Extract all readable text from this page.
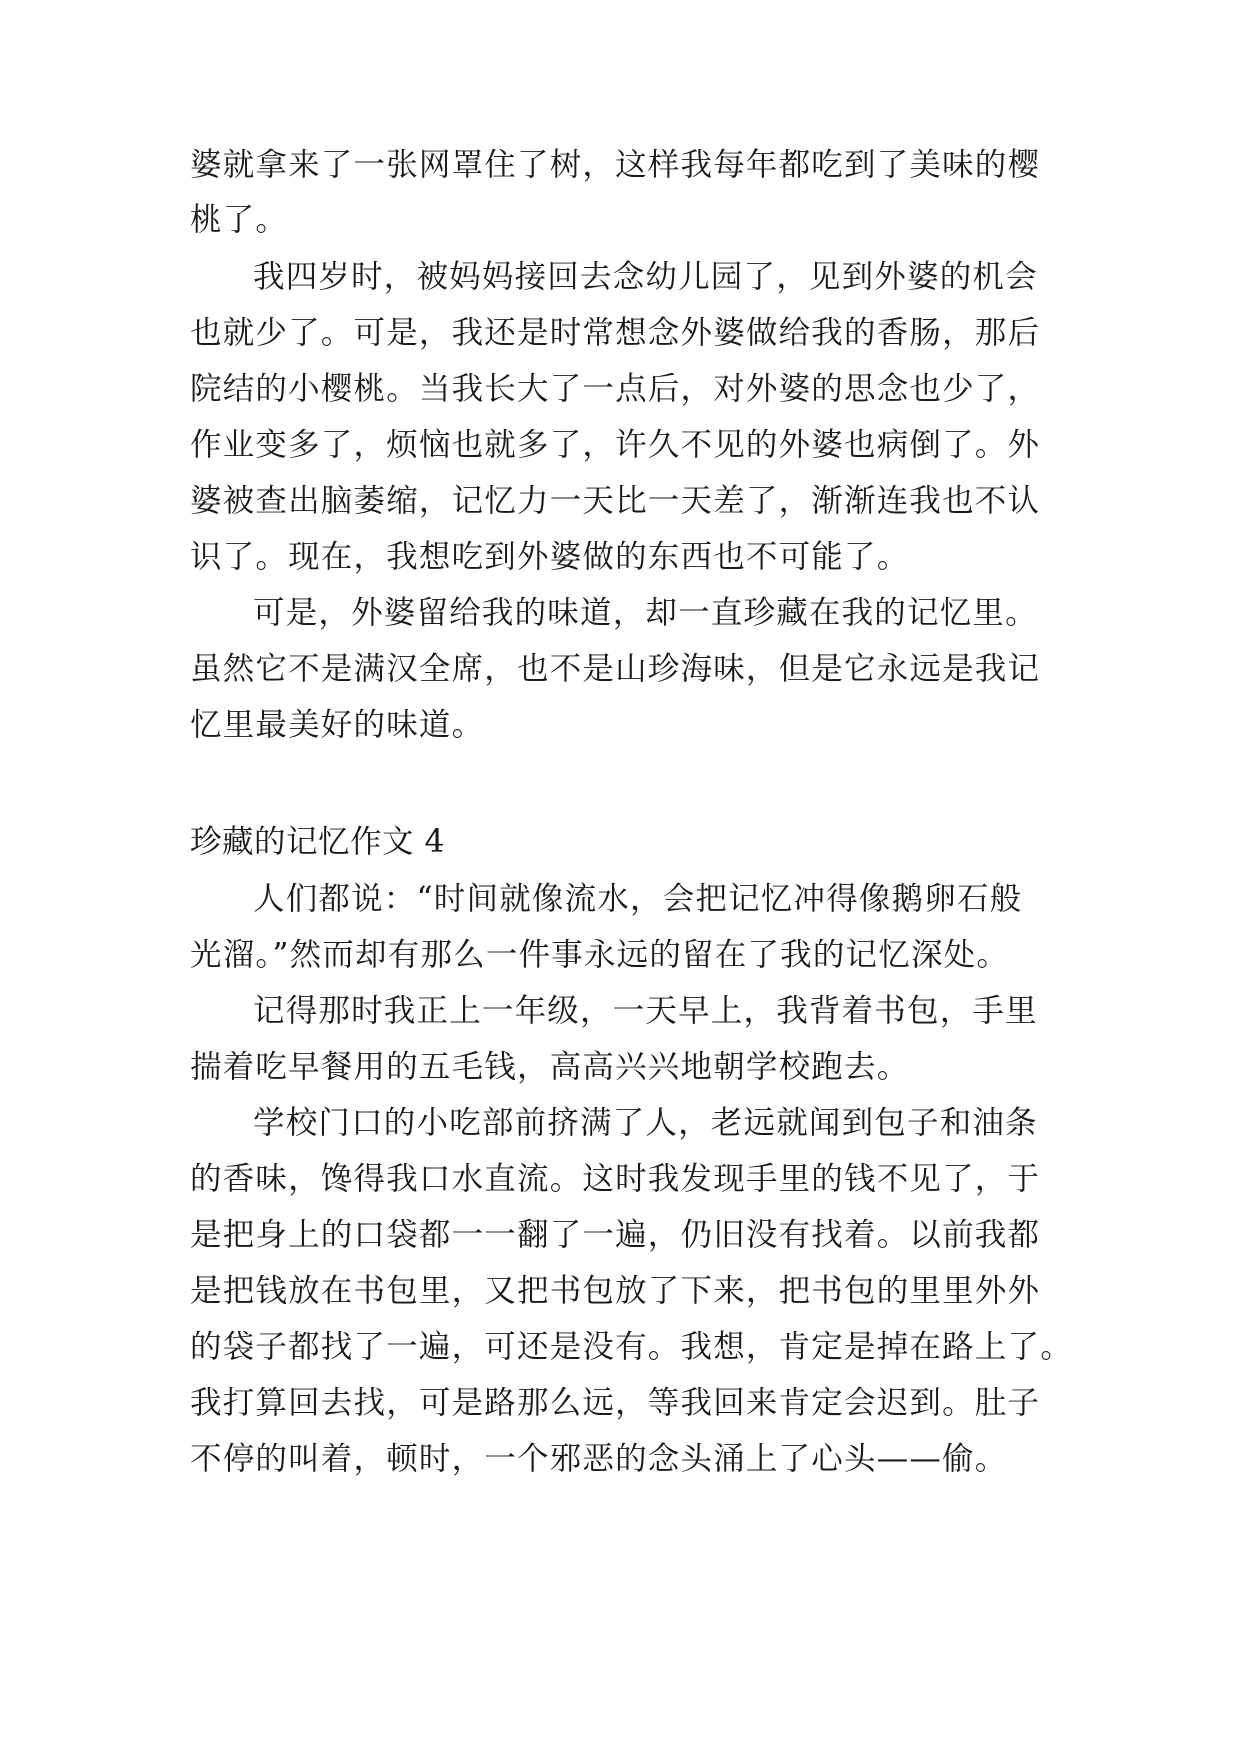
婆就拿来了一张网罩住了树，这样我每年都吃到了美味的樱
桃了。
我四岁时，被妈妈接回去念幼儿园了，见到外婆的机会
也就少了。可是，我还是时常想念外婆做给我的香肠，那后
院结的小樱桃。当我长大了一点后，对外婆的思念也少了，
作业变多了，烦恼也就多了，许久不见的外婆也病倒了。外
婆被查出脑萎缩，记忆力一天比一天差了，渐渐连我也不认
识了。现在，我想吃到外婆做的东西也不可能了。
可是，外婆留给我的味道，却一直珍藏在我的记忆里。
虽然它不是满汉全席，也不是山珍海味，但是它永远是我记
忆里最美好的味道。
珍藏的记忆作文 4
人们都说：“时间就像流水，会把记忆冲得像鹅卵石般
光溜。”然而却有那么一件事永远的留在了我的记忆深处。
记得那时我正上一年级，一天早上，我背着书包，手里
揣着吃早餐用的五毛钱，高高兴兴地朝学校跑去。
学校门口的小吃部前挤满了人，老远就闻到包子和油条
的香味，馋得我口水直流。这时我发现手里的钱不见了，于
是把身上的口袋都一一翻了一遍，仍旧没有找着。以前我都
是把钱放在书包里，又把书包放了下来，把书包的里里外外
的袋子都找了一遍，可还是没有。我想，肯定是掉在路上了。
我打算回去找，可是路那么远，等我回来肯定会迟到。肚子
不停的叫着，顿时，一个邪恶的念头涌上了心头——偷。
